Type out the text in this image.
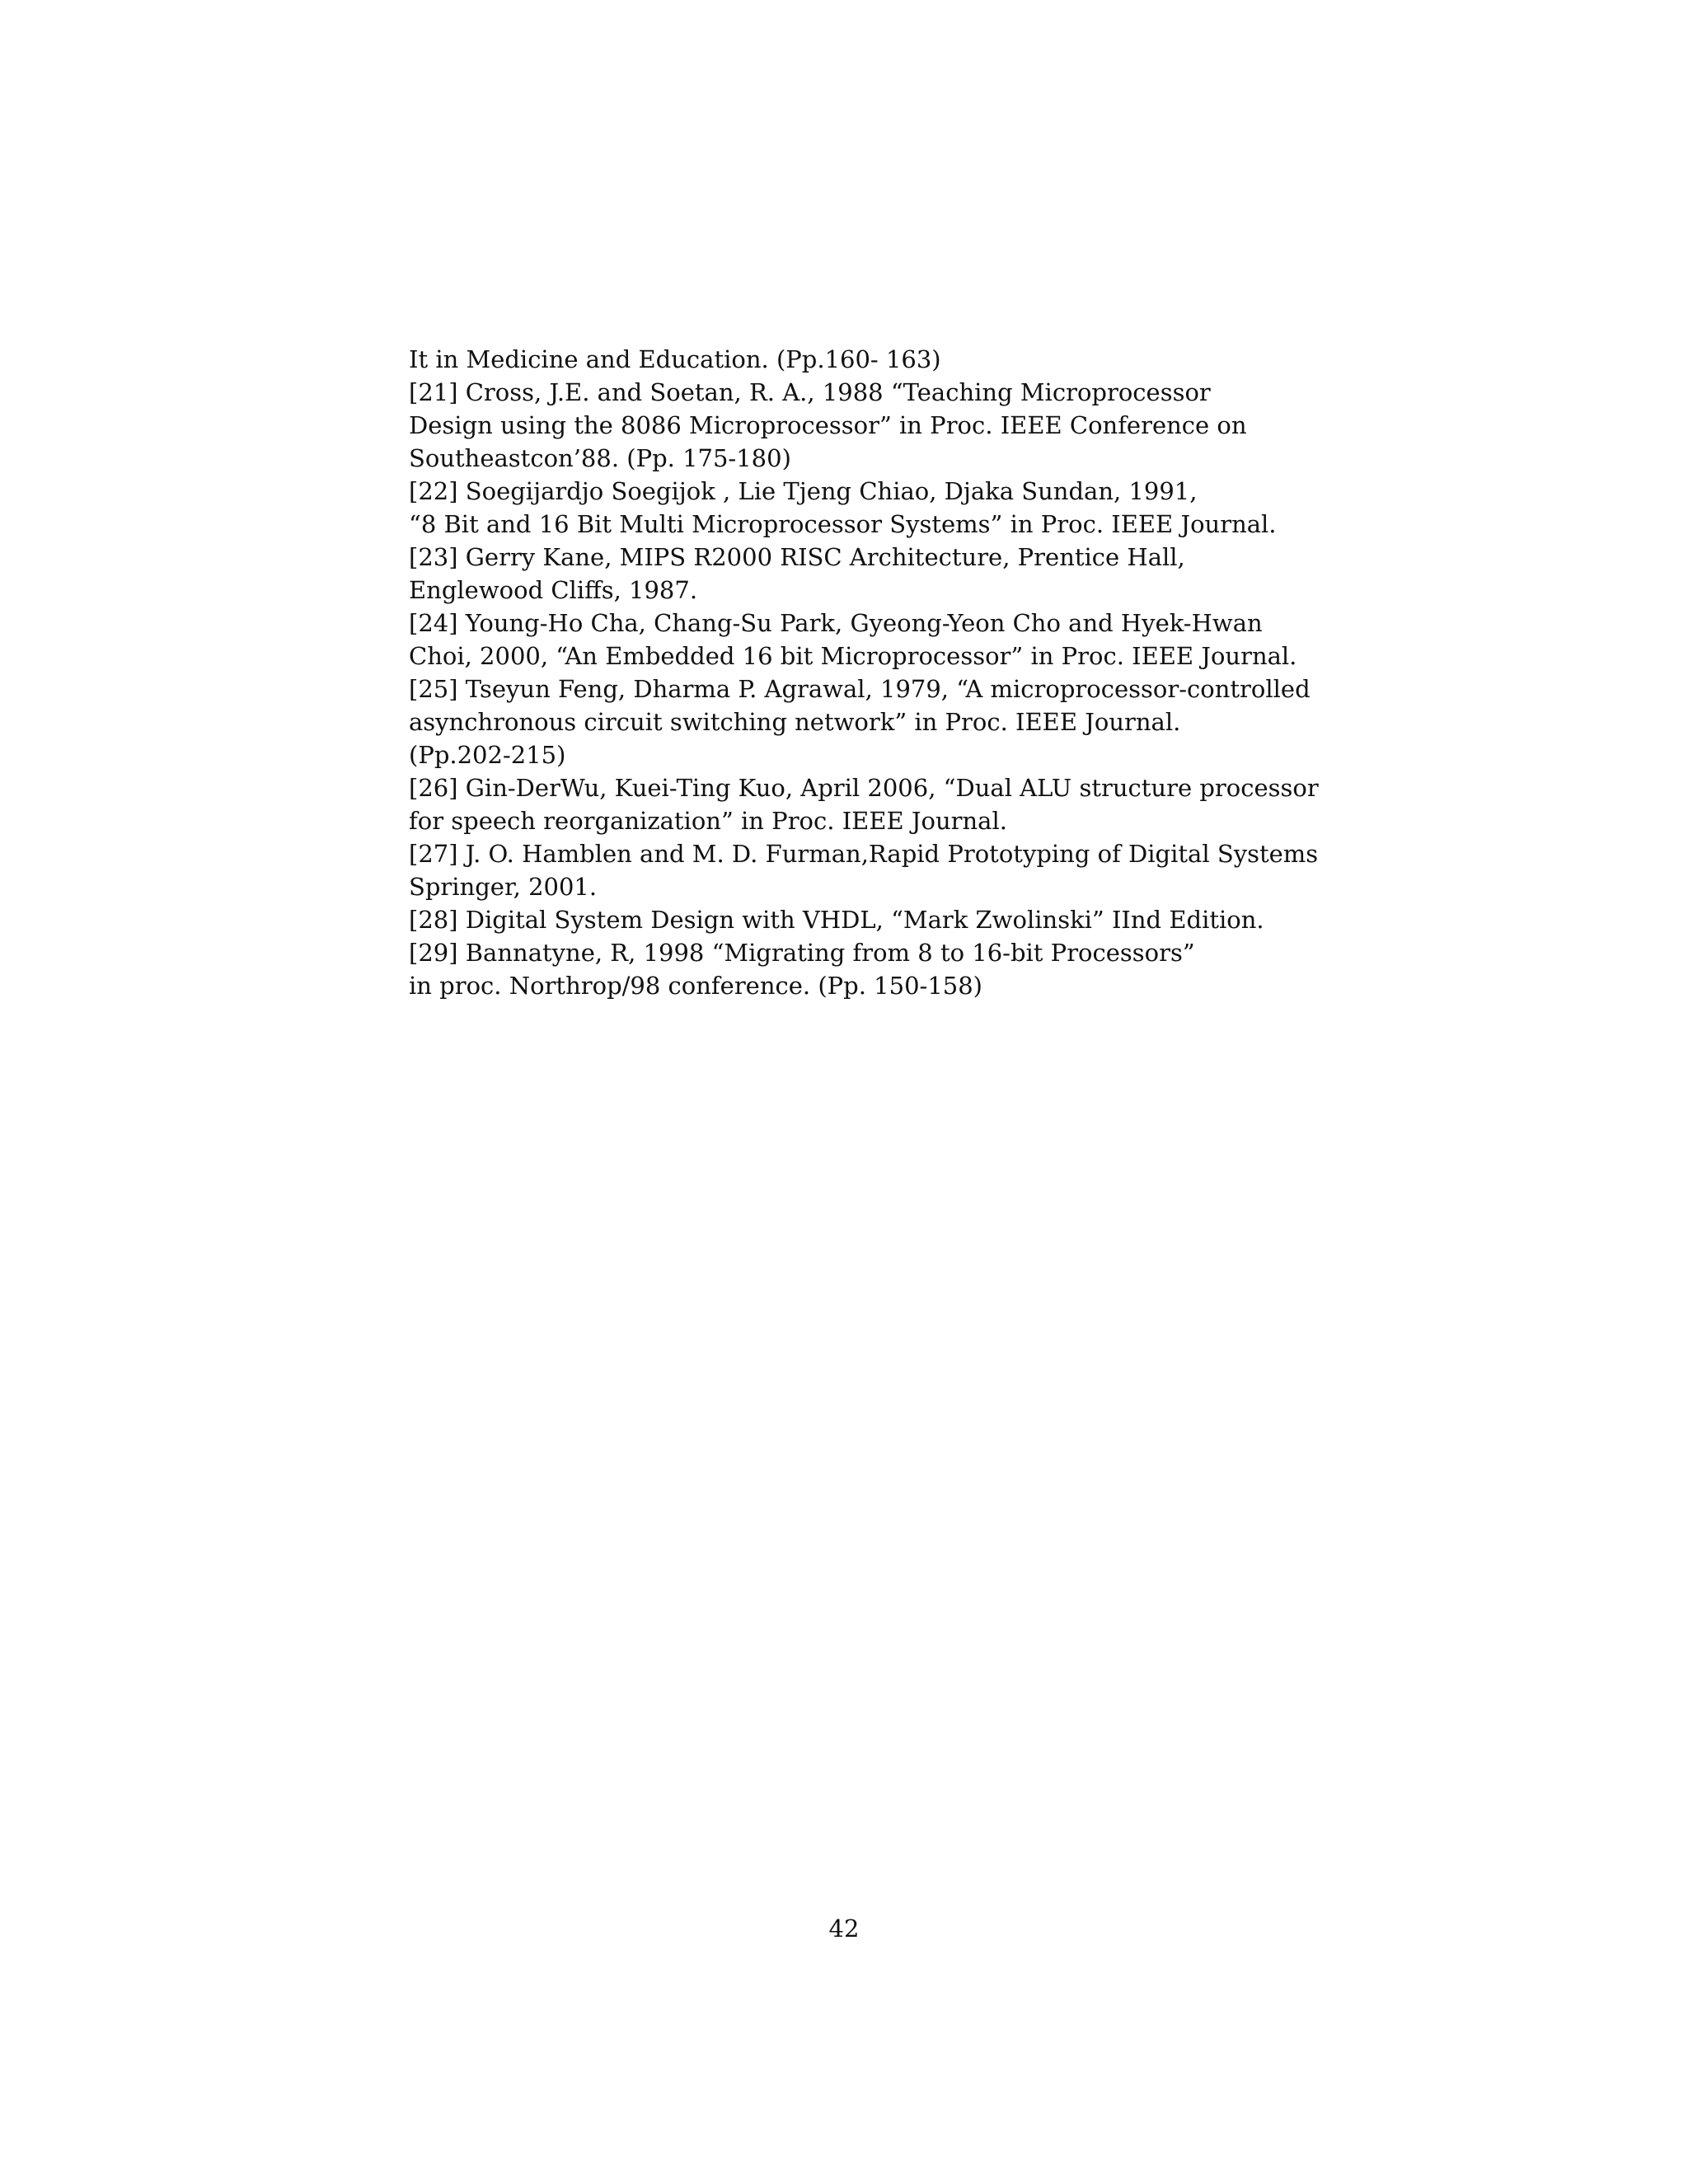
It in Medicine and Education. (Pp.160- 163)
[21] Cross, J.E. and Soetan, R. A., 1988 “Teaching Microprocessor
Design using the 8086 Microprocessor” in Proc. IEEE Conference on
Southeastcon’88. (Pp. 175-180)
[22] Soegijardjo Soegijok , Lie Tjeng Chiao, Djaka Sundan, 1991,
“8 Bit and 16 Bit Multi Microprocessor Systems” in Proc. IEEE Journal.
[23] Gerry Kane, MIPS R2000 RISC Architecture, Prentice Hall,
Englewood Cliffs, 1987.
[24] Young-Ho Cha, Chang-Su Park, Gyeong-Yeon Cho and Hyek-Hwan
Choi, 2000, “An Embedded 16 bit Microprocessor” in Proc. IEEE Journal.
[25] Tseyun Feng, Dharma P. Agrawal, 1979, “A microprocessor-controlled
asynchronous circuit switching network” in Proc. IEEE Journal.
(Pp.202-215)
[26] Gin-DerWu, Kuei-Ting Kuo, April 2006, “Dual ALU structure processor
for speech reorganization” in Proc. IEEE Journal.
[27] J. O. Hamblen and M. D. Furman,Rapid Prototyping of Digital Systems
Springer, 2001.
[28] Digital System Design with VHDL, “Mark Zwolinski” IInd Edition.
[29] Bannatyne, R, 1998 “Migrating from 8 to 16-bit Processors”
in proc. Northrop/98 conference. (Pp. 150-158)
42
